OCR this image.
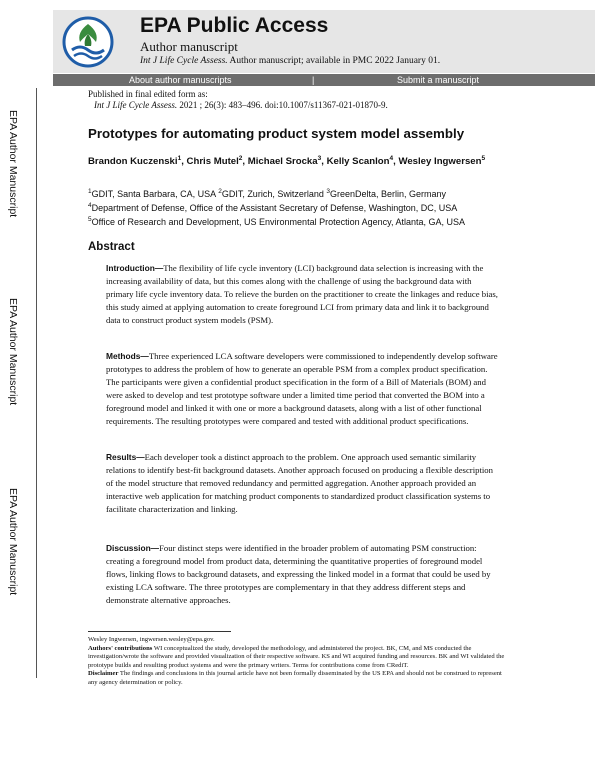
EPA Public Access
Author manuscript
Int J Life Cycle Assess. Author manuscript; available in PMC 2022 January 01.
About author manuscripts	|	Submit a manuscript
EPA Author Manuscript
EPA Author Manuscript
EPA Author Manuscript
Published in final edited form as:
Int J Life Cycle Assess. 2021 ; 26(3): 483–496. doi:10.1007/s11367-021-01870-9.
Prototypes for automating product system model assembly
Brandon Kuczenski$^1$, Chris Mutel$^2$, Michael Srocka$^3$, Kelly Scanlon$^4$, Wesley Ingwersen$^5$
$^1$GDIT, Santa Barbara, CA, USA $^2$GDIT, Zurich, Switzerland $^3$GreenDelta, Berlin, Germany
$^4$Department of Defense, Office of the Assistant Secretary of Defense, Washington, DC, USA
$^5$Office of Research and Development, US Environmental Protection Agency, Atlanta, GA, USA
Abstract
Introduction—The flexibility of life cycle inventory (LCI) background data selection is increasing with the increasing availability of data, but this comes along with the challenge of using the background data with primary life cycle inventory data. To relieve the burden on the practitioner to create the linkages and reduce bias, this study aimed at applying automation to create foreground LCI from primary data and link it to background data to construct product system models (PSM).
Methods—Three experienced LCA software developers were commissioned to independently develop software prototypes to address the problem of how to generate an operable PSM from a complex product specification. The participants were given a confidential product specification in the form of a Bill of Materials (BOM) and were asked to develop and test prototype software under a limited time period that converted the BOM into a foreground model and linked it with one or more a background datasets, along with a list of other functional requirements. The resulting prototypes were compared and tested with additional product specifications.
Results—Each developer took a distinct approach to the problem. One approach used semantic similarity relations to identify best-fit background datasets. Another approach focused on producing a flexible description of the model structure that removed redundancy and permitted aggregation. Another approach provided an interactive web application for matching product components to standardized product classification systems to facilitate characterization and linking.
Discussion—Four distinct steps were identified in the broader problem of automating PSM construction: creating a foreground model from product data, determining the quantitative properties of foreground model flows, linking flows to background datasets, and expressing the linked model in a format that could be used by existing LCA software. The three prototypes are complementary in that they address different steps and demonstrate alternative approaches.
Wesley Ingwersen, ingwersen.wesley@epa.gov.
Authors' contributions WI conceptualized the study, developed the methodology, and administered the project. BK, CM, and MS conducted the investigation/wrote the software and provided visualization of their respective software. KS and WI acquired funding and resources. BK and WI validated the prototype builds and resulting product systems and were the primary writers. Terms for contributions come from CRediT.
Disclaimer The findings and conclusions in this journal article have not been formally disseminated by the US EPA and should not be construed to represent any agency determination or policy.
